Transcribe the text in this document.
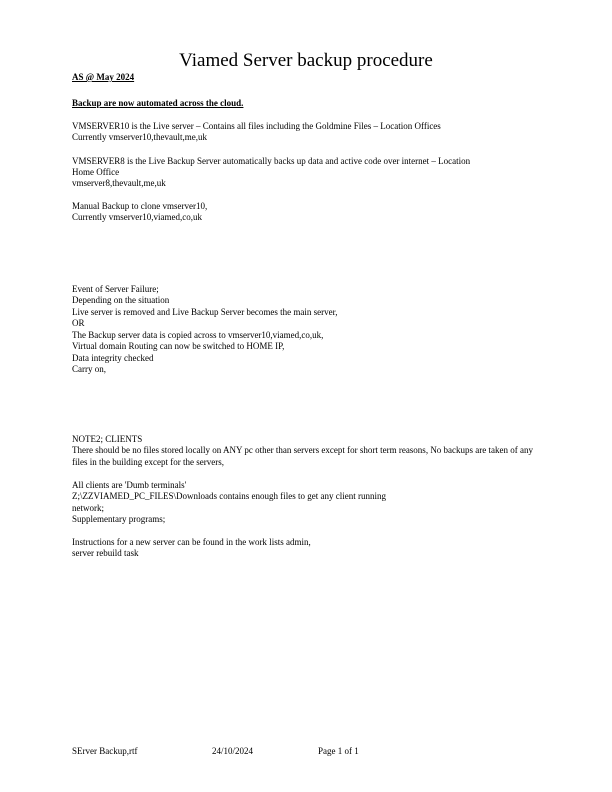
Viamed Server backup procedure
AS @ May 2024
Backup are now automated across the cloud.
VMSERVER10 is the Live server – Contains all files including the Goldmine Files – Location Offices
Currently vmserver10,thevault,me,uk
VMSERVER8 is the Live Backup Server automatically backs up data and active code over internet – Location
Home Office
vmserver8,thevault,me,uk
Manual Backup to clone vmserver10,
Currently vmserver10,viamed,co,uk
Event of Server Failure;
Depending on the situation
Live server is removed and Live Backup Server becomes the main server,
OR
The Backup server data is copied across to vmserver10,viamed,co,uk,
Virtual domain Routing can now be switched to HOME IP,
Data integrity checked
Carry on,
NOTE2; CLIENTS
There should be no files stored locally on ANY pc other than servers except for short term reasons, No backups are taken of any files in the building except for the servers,
All clients are 'Dumb terminals'
Z;\ZZVIAMED_PC_FILES\Downloads contains enough files to get any client running
network;
Supplementary programs;
Instructions for a new server can be found in the work lists admin,
server rebuild task
SErver Backup,rtf	24/10/2024	Page 1 of 1
